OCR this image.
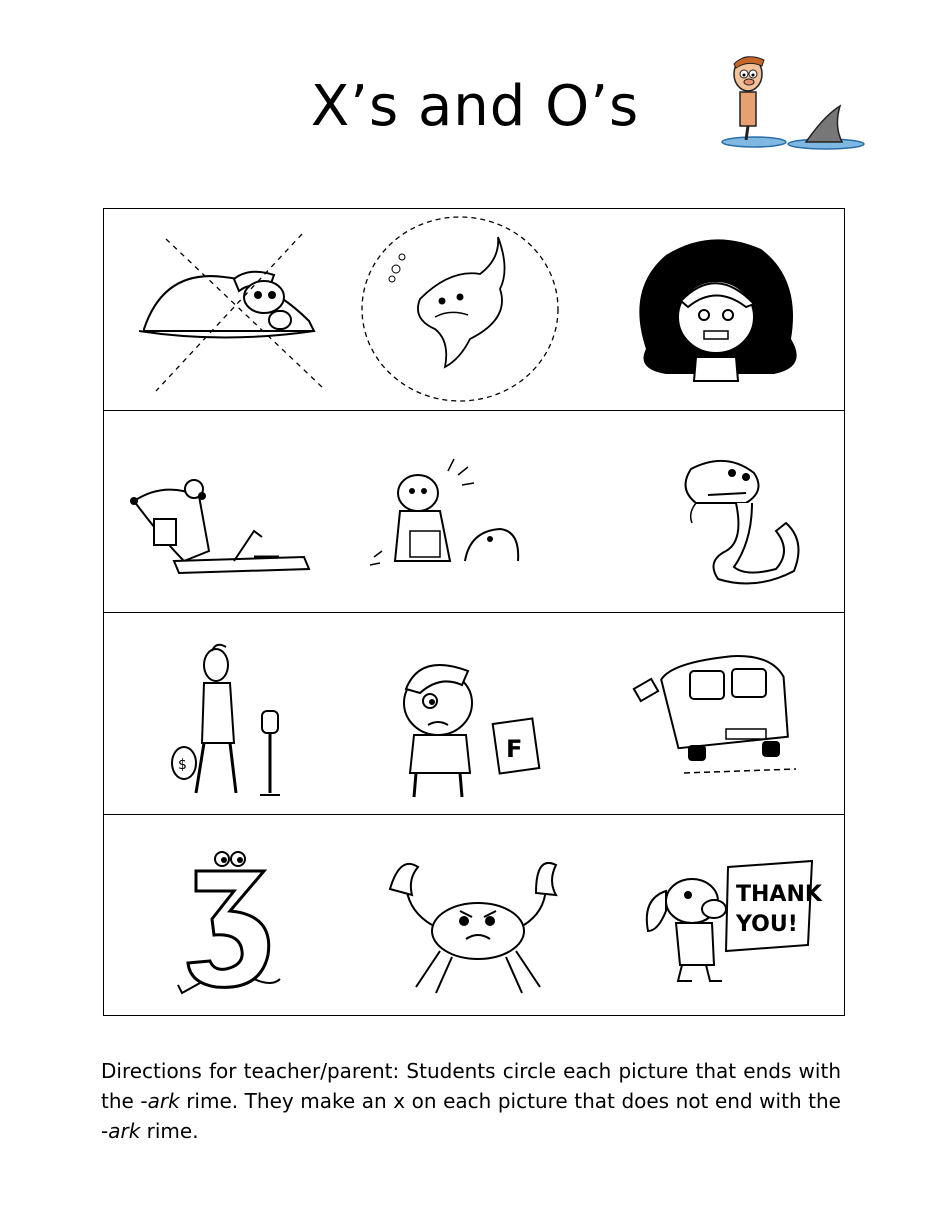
X’s and O’s
$
F
THANK YOU!

Directions for teacher/parent: Students circle each picture that ends with the -ark rime. They make an x on each picture that does not end with the -ark rime.
